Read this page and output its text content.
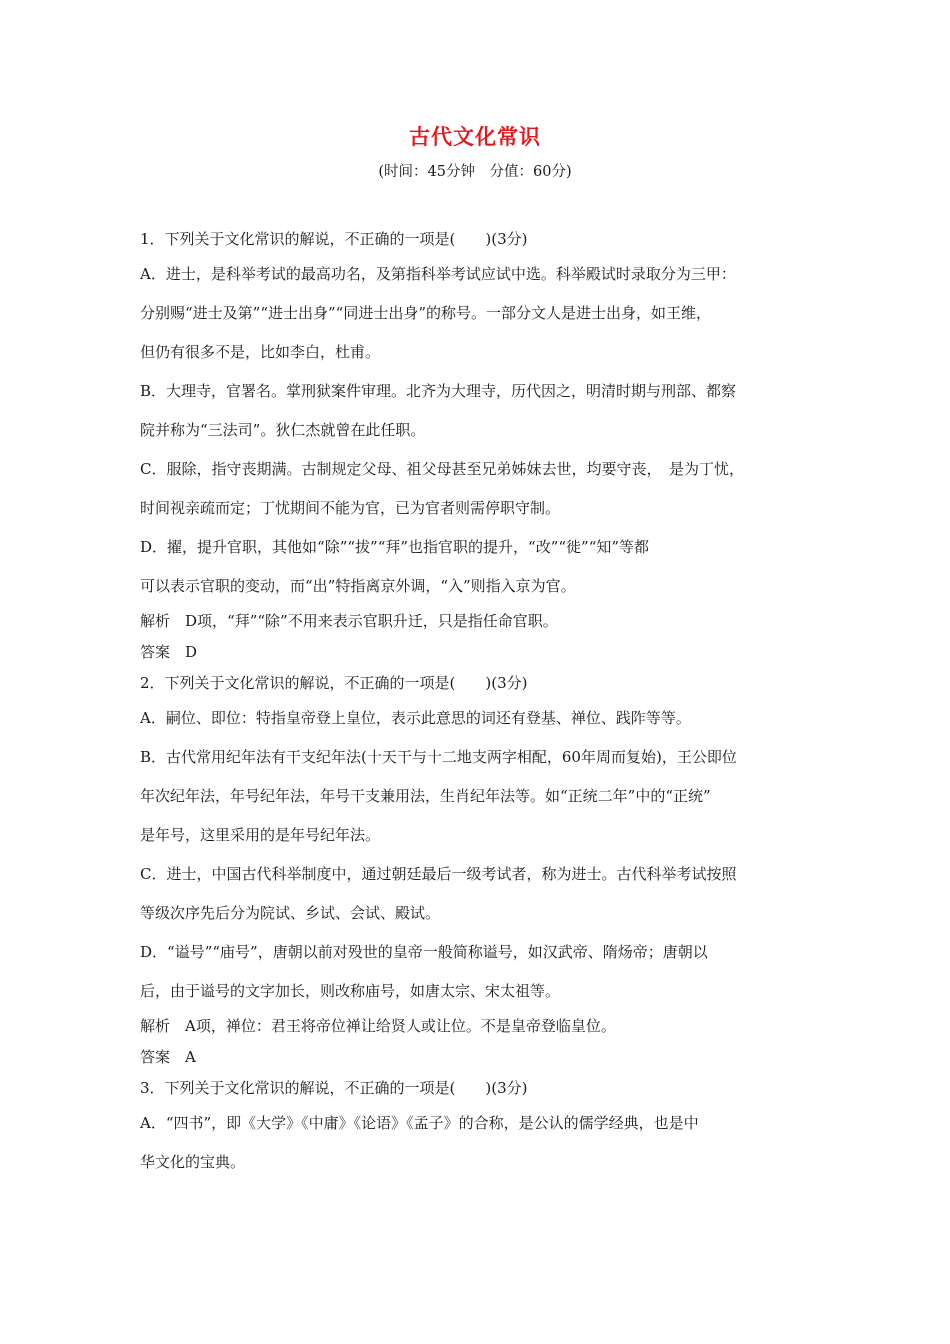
古代文化常识
(时间：45分钟　分值：60分)
1．下列关于文化常识的解说，不正确的一项是(　　)(3分)
A．进士，是科举考试的最高功名，及第指科举考试应试中选。科举殿试时录取分为三甲：
分别赐“进士及第”“进士出身”“同进士出身”的称号。一部分文人是进士出身，如王维，
但仍有很多不是，比如李白，杜甫。
B．大理寺，官署名。掌刑狱案件审理。北齐为大理寺，历代因之，明清时期与刑部、都察
院并称为“三法司”。狄仁杰就曾在此任职。
C．服除，指守丧期满。古制规定父母、祖父母甚至兄弟姊妹去世，均要守丧，　是为丁忧，
时间视亲疏而定；丁忧期间不能为官，已为官者则需停职守制。
D．擢，提升官职，其他如“除”“拔”“拜”也指官职的提升，“改”“徙”“知”等都
可以表示官职的变动，而“出”特指离京外调，“入”则指入京为官。
解析　D项，“拜”“除”不用来表示官职升迁，只是指任命官职。
答案　D
2．下列关于文化常识的解说，不正确的一项是(　　)(3分)
A．嗣位、即位：特指皇帝登上皇位，表示此意思的词还有登基、禅位、践阼等等。
B．古代常用纪年法有干支纪年法(十天干与十二地支两字相配，60年周而复始)，王公即位
年次纪年法，年号纪年法，年号干支兼用法，生肖纪年法等。如“正统二年”中的“正统”
是年号，这里采用的是年号纪年法。
C．进士，中国古代科举制度中，通过朝廷最后一级考试者，称为进士。古代科举考试按照
等级次序先后分为院试、乡试、会试、殿试。
D．“谥号”“庙号”，唐朝以前对殁世的皇帝一般简称谥号，如汉武帝、隋炀帝；唐朝以
后，由于谥号的文字加长，则改称庙号，如唐太宗、宋太祖等。
解析　A项，禅位：君王将帝位禅让给贤人或让位。不是皇帝登临皇位。
答案　A
3．下列关于文化常识的解说，不正确的一项是(　　)(3分)
A．“四书”，即《大学》《中庸》《论语》《孟子》的合称，是公认的儒学经典，也是中
华文化的宝典。
